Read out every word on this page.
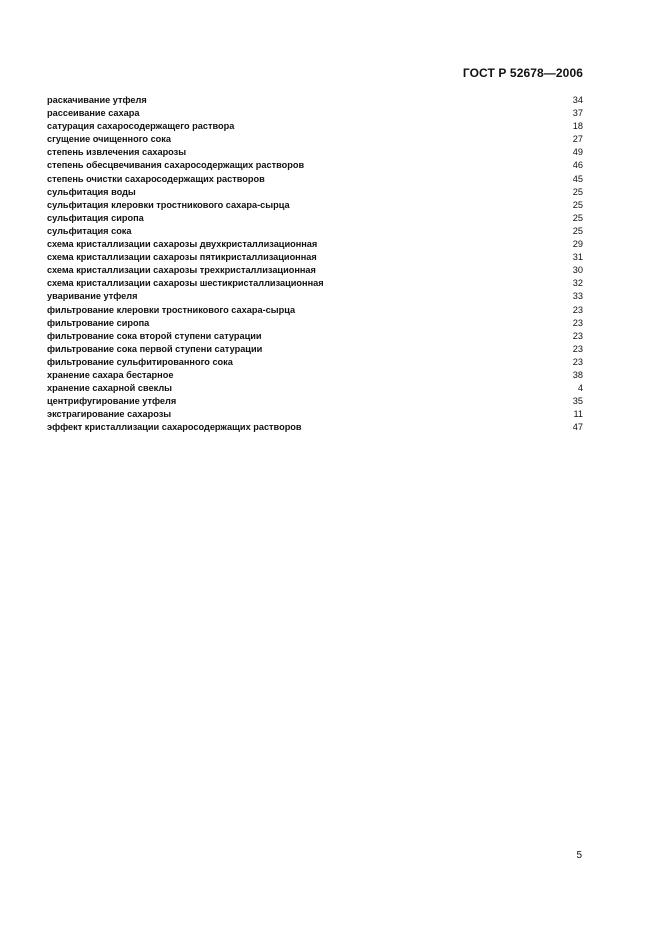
ГОСТ Р 52678—2006
раскачивание утфеля	34
рассеивание сахара	37
сатурация сахаросодержащего раствора	18
сгущение очищенного сока	27
степень извлечения сахарозы	49
степень обесцвечивания сахаросодержащих растворов	46
степень очистки сахаросодержащих растворов	45
сульфитация воды	25
сульфитация клеровки тростникового сахара-сырца	25
сульфитация сиропа	25
сульфитация сока	25
схема кристаллизации сахарозы двухкристаллизационная	29
схема кристаллизации сахарозы пятикристаллизационная	31
схема кристаллизации сахарозы трехкристаллизационная	30
схема кристаллизации сахарозы шестикристаллизационная	32
уваривание утфеля	33
фильтрование клеровки тростникового сахара-сырца	23
фильтрование сиропа	23
фильтрование сока второй ступени сатурации	23
фильтрование сока первой ступени сатурации	23
фильтрование сульфитированного сока	23
хранение сахара бестарное	38
хранение сахарной свеклы	4
центрифугирование утфеля	35
экстрагирование сахарозы	11
эффект кристаллизации сахаросодержащих растворов	47
5
